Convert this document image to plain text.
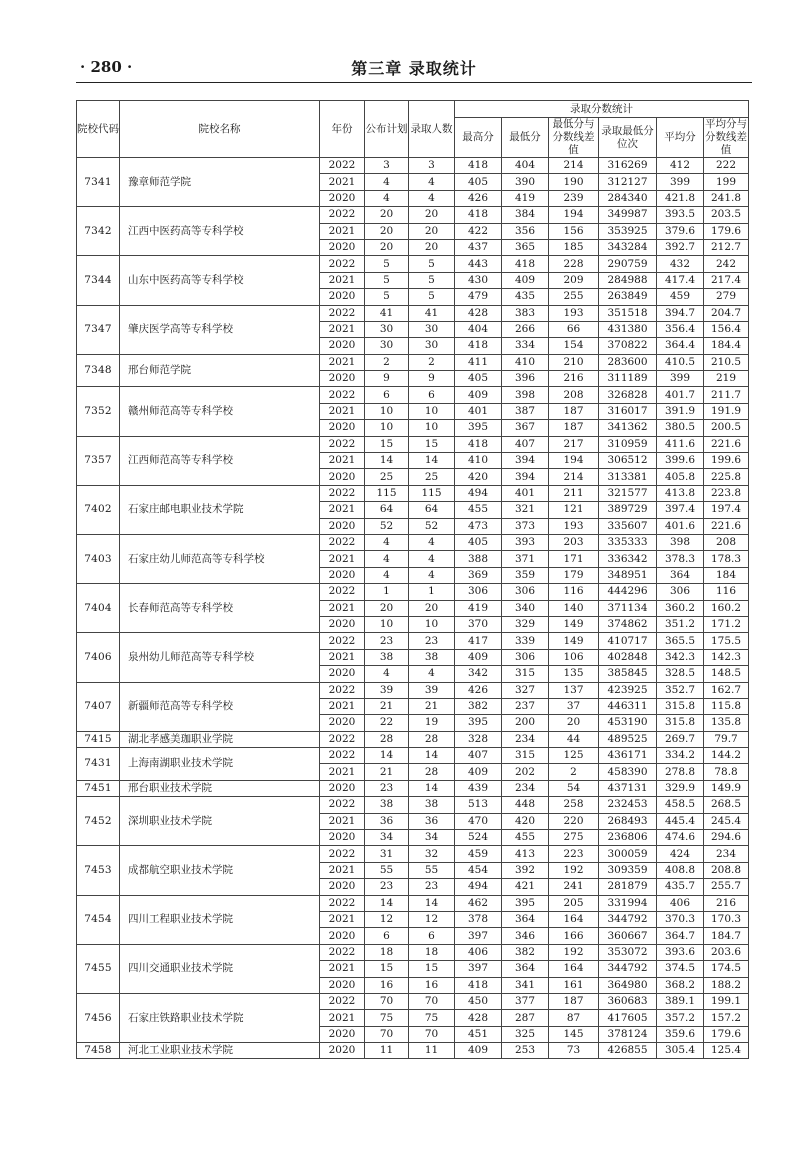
· 280 ·	第三章 录取统计
院校代码	院校名称	年份	公布计划	录取人数	录取分数统计					
					最高分	最低分	最低分与分数线差值	录取最低分位次	平均分	平均分与分数线差值
7341	豫章师范学院	2022	3	3	418	404	214	316269	412	222
		2021	4	4	405	390	190	312127	399	199
		2020	4	4	426	419	239	284340	421.8	241.8
7342	江西中医药高等专科学校	2022	20	20	418	384	194	349987	393.5	203.5
		2021	20	20	422	356	156	353925	379.6	179.6
		2020	20	20	437	365	185	343284	392.7	212.7
7344	山东中医药高等专科学校	2022	5	5	443	418	228	290759	432	242
		2021	5	5	430	409	209	284988	417.4	217.4
		2020	5	5	479	435	255	263849	459	279
7347	肇庆医学高等专科学校	2022	41	41	428	383	193	351518	394.7	204.7
		2021	30	30	404	266	66	431380	356.4	156.4
		2020	30	30	418	334	154	370822	364.4	184.4
7348	邢台师范学院	2021	2	2	411	410	210	283600	410.5	210.5
		2020	9	9	405	396	216	311189	399	219
7352	赣州师范高等专科学校	2022	6	6	409	398	208	326828	401.7	211.7
		2021	10	10	401	387	187	316017	391.9	191.9
		2020	10	10	395	367	187	341362	380.5	200.5
7357	江西师范高等专科学校	2022	15	15	418	407	217	310959	411.6	221.6
		2021	14	14	410	394	194	306512	399.6	199.6
		2020	25	25	420	394	214	313381	405.8	225.8
7402	石家庄邮电职业技术学院	2022	115	115	494	401	211	321577	413.8	223.8
		2021	64	64	455	321	121	389729	397.4	197.4
		2020	52	52	473	373	193	335607	401.6	221.6
7403	石家庄幼儿师范高等专科学校	2022	4	4	405	393	203	335333	398	208
		2021	4	4	388	371	171	336342	378.3	178.3
		2020	4	4	369	359	179	348951	364	184
7404	长春师范高等专科学校	2022	1	1	306	306	116	444296	306	116
		2021	20	20	419	340	140	371134	360.2	160.2
		2020	10	10	370	329	149	374862	351.2	171.2
7406	泉州幼儿师范高等专科学校	2022	23	23	417	339	149	410717	365.5	175.5
		2021	38	38	409	306	106	402848	342.3	142.3
		2020	4	4	342	315	135	385845	328.5	148.5
7407	新疆师范高等专科学校	2022	39	39	426	327	137	423925	352.7	162.7
		2021	21	21	382	237	37	446311	315.8	115.8
		2020	22	19	395	200	20	453190	315.8	135.8
7415	湖北孝感美珈职业学院	2022	28	28	328	234	44	489525	269.7	79.7
7431	上海南湖职业技术学院	2022	14	14	407	315	125	436171	334.2	144.2
		2021	21	28	409	202	2	458390	278.8	78.8
7451	邢台职业技术学院	2020	23	14	439	234	54	437131	329.9	149.9
7452	深圳职业技术学院	2022	38	38	513	448	258	232453	458.5	268.5
		2021	36	36	470	420	220	268493	445.4	245.4
		2020	34	34	524	455	275	236806	474.6	294.6
7453	成都航空职业技术学院	2022	31	32	459	413	223	300059	424	234
		2021	55	55	454	392	192	309359	408.8	208.8
		2020	23	23	494	421	241	281879	435.7	255.7
7454	四川工程职业技术学院	2022	14	14	462	395	205	331994	406	216
		2021	12	12	378	364	164	344792	370.3	170.3
		2020	6	6	397	346	166	360667	364.7	184.7
7455	四川交通职业技术学院	2022	18	18	406	382	192	353072	393.6	203.6
		2021	15	15	397	364	164	344792	374.5	174.5
		2020	16	16	418	341	161	364980	368.2	188.2
7456	石家庄铁路职业技术学院	2022	70	70	450	377	187	360683	389.1	199.1
		2021	75	75	428	287	87	417605	357.2	157.2
		2020	70	70	451	325	145	378124	359.6	179.6
7458	河北工业职业技术学院	2020	11	11	409	253	73	426855	305.4	125.4
